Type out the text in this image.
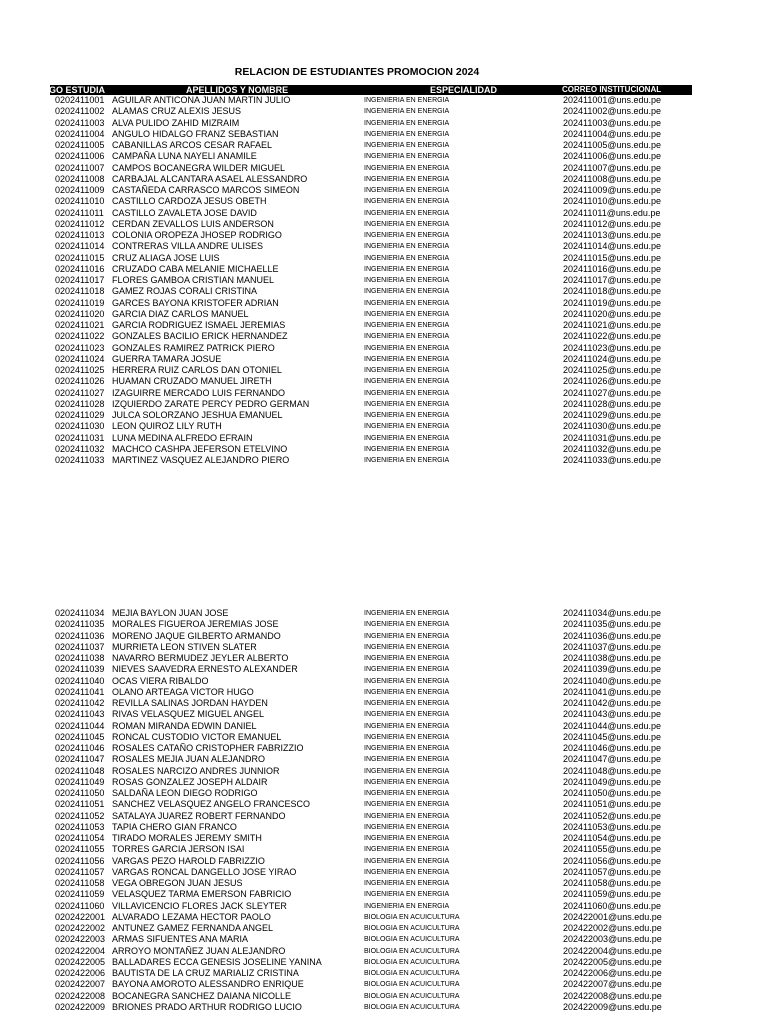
RELACION DE ESTUDIANTES PROMOCION 2024
DIGO ESTUDIA	APELLIDOS Y NOMBRE	ESPECIALIDAD	CORREO INSTITUCIONAL
0202411001 AGUILAR ANTICONA JUAN MARTIN JULIO	INGENIERIA EN ENERGIA	202411001@uns.edu.pe
0202411002 ALAMAS CRUZ ALEXIS JESUS	INGENIERIA EN ENERGIA	202411002@uns.edu.pe
0202411003 ALVA PULIDO ZAHID MIZRAIM	INGENIERIA EN ENERGIA	202411003@uns.edu.pe
0202411004 ANGULO HIDALGO FRANZ SEBASTIAN	INGENIERIA EN ENERGIA	202411004@uns.edu.pe
0202411005 CABANILLAS ARCOS CESAR RAFAEL	INGENIERIA EN ENERGIA	202411005@uns.edu.pe
0202411006 CAMPAÑA LUNA NAYELI ANAMILE	INGENIERIA EN ENERGIA	202411006@uns.edu.pe
0202411007 CAMPOS BOCANEGRA WILDER MIGUEL	INGENIERIA EN ENERGIA	202411007@uns.edu.pe
0202411008 CARBAJAL ALCANTARA ASAEL ALESSANDRO	INGENIERIA EN ENERGIA	202411008@uns.edu.pe
0202411009 CASTAÑEDA CARRASCO MARCOS SIMEON	INGENIERIA EN ENERGIA	202411009@uns.edu.pe
0202411010 CASTILLO CARDOZA JESUS OBETH	INGENIERIA EN ENERGIA	202411010@uns.edu.pe
0202411011 CASTILLO ZAVALETA JOSE DAVID	INGENIERIA EN ENERGIA	202411011@uns.edu.pe
0202411012 CERDAN ZEVALLOS LUIS ANDERSON	INGENIERIA EN ENERGIA	202411012@uns.edu.pe
0202411013 COLONIA OROPEZA JHOSEP RODRIGO	INGENIERIA EN ENERGIA	202411013@uns.edu.pe
0202411014 CONTRERAS VILLA ANDRE ULISES	INGENIERIA EN ENERGIA	202411014@uns.edu.pe
0202411015 CRUZ ALIAGA JOSE LUIS	INGENIERIA EN ENERGIA	202411015@uns.edu.pe
0202411016 CRUZADO CABA MELANIE MICHAELLE	INGENIERIA EN ENERGIA	202411016@uns.edu.pe
0202411017 FLORES GAMBOA CRISTIAN MANUEL	INGENIERIA EN ENERGIA	202411017@uns.edu.pe
0202411018 GAMEZ ROJAS CORALI CRISTINA	INGENIERIA EN ENERGIA	202411018@uns.edu.pe
0202411019 GARCES BAYONA KRISTOFER ADRIAN	INGENIERIA EN ENERGIA	202411019@uns.edu.pe
0202411020 GARCIA DIAZ CARLOS MANUEL	INGENIERIA EN ENERGIA	202411020@uns.edu.pe
0202411021 GARCIA RODRIGUEZ ISMAEL JEREMIAS	INGENIERIA EN ENERGIA	202411021@uns.edu.pe
0202411022 GONZALES BACILIO ERICK HERNANDEZ	INGENIERIA EN ENERGIA	202411022@uns.edu.pe
0202411023 GONZALES RAMIREZ PATRICK PIERO	INGENIERIA EN ENERGIA	202411023@uns.edu.pe
0202411024 GUERRA TAMARA JOSUE	INGENIERIA EN ENERGIA	202411024@uns.edu.pe
0202411025 HERRERA RUIZ CARLOS DAN OTONIEL	INGENIERIA EN ENERGIA	202411025@uns.edu.pe
0202411026 HUAMAN CRUZADO MANUEL JIRETH	INGENIERIA EN ENERGIA	202411026@uns.edu.pe
0202411027 IZAGUIRRE MERCADO LUIS FERNANDO	INGENIERIA EN ENERGIA	202411027@uns.edu.pe
0202411028 IZQUIERDO ZARATE PERCY PEDRO GERMAN	INGENIERIA EN ENERGIA	202411028@uns.edu.pe
0202411029 JULCA SOLORZANO JESHUA EMANUEL	INGENIERIA EN ENERGIA	202411029@uns.edu.pe
0202411030 LEON QUIROZ LILY RUTH	INGENIERIA EN ENERGIA	202411030@uns.edu.pe
0202411031 LUNA MEDINA ALFREDO EFRAIN	INGENIERIA EN ENERGIA	202411031@uns.edu.pe
0202411032 MACHCO CASHPA JEFERSON ETELVINO	INGENIERIA EN ENERGIA	202411032@uns.edu.pe
0202411033 MARTINEZ VASQUEZ ALEJANDRO PIERO	INGENIERIA EN ENERGIA	202411033@uns.edu.pe
0202411034 MEJIA BAYLON JUAN JOSE	INGENIERIA EN ENERGIA	202411034@uns.edu.pe
0202411035 MORALES FIGUEROA JEREMIAS JOSE	INGENIERIA EN ENERGIA	202411035@uns.edu.pe
0202411036 MORENO JAQUE GILBERTO ARMANDO	INGENIERIA EN ENERGIA	202411036@uns.edu.pe
0202411037 MURRIETA LEON STIVEN SLATER	INGENIERIA EN ENERGIA	202411037@uns.edu.pe
0202411038 NAVARRO BERMUDEZ JEYLER ALBERTO	INGENIERIA EN ENERGIA	202411038@uns.edu.pe
0202411039 NIEVES SAAVEDRA ERNESTO ALEXANDER	INGENIERIA EN ENERGIA	202411039@uns.edu.pe
0202411040 OCAS VIERA RIBALDO	INGENIERIA EN ENERGIA	202411040@uns.edu.pe
0202411041 OLANO ARTEAGA VICTOR HUGO	INGENIERIA EN ENERGIA	202411041@uns.edu.pe
0202411042 REVILLA SALINAS JORDAN HAYDEN	INGENIERIA EN ENERGIA	202411042@uns.edu.pe
0202411043 RIVAS VELASQUEZ MIGUEL ANGEL	INGENIERIA EN ENERGIA	202411043@uns.edu.pe
0202411044 ROMAN MIRANDA EDWIN DANIEL	INGENIERIA EN ENERGIA	202411044@uns.edu.pe
0202411045 RONCAL CUSTODIO VICTOR EMANUEL	INGENIERIA EN ENERGIA	202411045@uns.edu.pe
0202411046 ROSALES CATAÑO CRISTOPHER FABRIZZIO	INGENIERIA EN ENERGIA	202411046@uns.edu.pe
0202411047 ROSALES MEJIA JUAN ALEJANDRO	INGENIERIA EN ENERGIA	202411047@uns.edu.pe
0202411048 ROSALES NARCIZO ANDRES JUNNIOR	INGENIERIA EN ENERGIA	202411048@uns.edu.pe
0202411049 ROSAS GONZALEZ JOSEPH ALDAIR	INGENIERIA EN ENERGIA	202411049@uns.edu.pe
0202411050 SALDAÑA LEON DIEGO RODRIGO	INGENIERIA EN ENERGIA	202411050@uns.edu.pe
0202411051 SANCHEZ VELASQUEZ ANGELO FRANCESCO	INGENIERIA EN ENERGIA	202411051@uns.edu.pe
0202411052 SATALAYA JUAREZ ROBERT FERNANDO	INGENIERIA EN ENERGIA	202411052@uns.edu.pe
0202411053 TAPIA CHERO GIAN FRANCO	INGENIERIA EN ENERGIA	202411053@uns.edu.pe
0202411054 TIRADO MORALES JEREMY SMITH	INGENIERIA EN ENERGIA	202411054@uns.edu.pe
0202411055 TORRES GARCIA JERSON ISAI	INGENIERIA EN ENERGIA	202411055@uns.edu.pe
0202411056 VARGAS PEZO HAROLD FABRIZZIO	INGENIERIA EN ENERGIA	202411056@uns.edu.pe
0202411057 VARGAS RONCAL DANGELLO JOSE YIRAO	INGENIERIA EN ENERGIA	202411057@uns.edu.pe
0202411058 VEGA OBREGON JUAN JESUS	INGENIERIA EN ENERGIA	202411058@uns.edu.pe
0202411059 VELASQUEZ TARMA EMERSON FABRICIO	INGENIERIA EN ENERGIA	202411059@uns.edu.pe
0202411060 VILLAVICENCIO FLORES JACK SLEYTER	INGENIERIA EN ENERGIA	202411060@uns.edu.pe
0202422001 ALVARADO LEZAMA HECTOR PAOLO	BIOLOGIA EN ACUICULTURA	202422001@uns.edu.pe
0202422002 ANTUNEZ GAMEZ FERNANDA ANGEL	BIOLOGIA EN ACUICULTURA	202422002@uns.edu.pe
0202422003 ARMAS SIFUENTES ANA MARIA	BIOLOGIA EN ACUICULTURA	202422003@uns.edu.pe
0202422004 ARROYO MONTAÑEZ JUAN ALEJANDRO	BIOLOGIA EN ACUICULTURA	202422004@uns.edu.pe
0202422005 BALLADARES ECCA GENESIS JOSELINE YANINA	BIOLOGIA EN ACUICULTURA	202422005@uns.edu.pe
0202422006 BAUTISTA DE LA CRUZ MARIALIZ CRISTINA	BIOLOGIA EN ACUICULTURA	202422006@uns.edu.pe
0202422007 BAYONA AMOROTO ALESSANDRO ENRIQUE	BIOLOGIA EN ACUICULTURA	202422007@uns.edu.pe
0202422008 BOCANEGRA SANCHEZ DAIANA NICOLLE	BIOLOGIA EN ACUICULTURA	202422008@uns.edu.pe
0202422009 BRIONES PRADO ARTHUR RODRIGO LUCIO	BIOLOGIA EN ACUICULTURA	202422009@uns.edu.pe
